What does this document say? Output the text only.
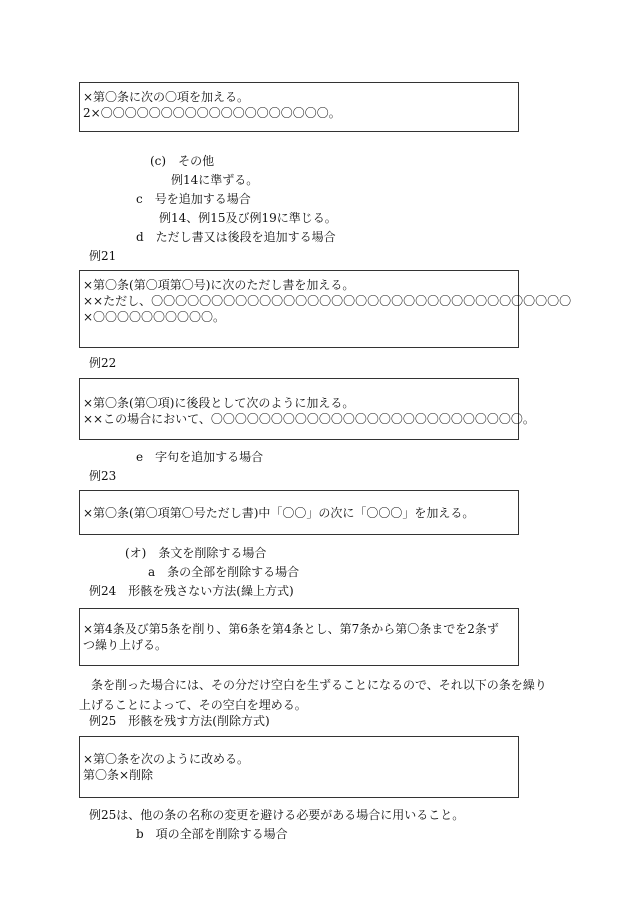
×第〇条に次の〇項を加える。
2×〇〇〇〇〇〇〇〇〇〇〇〇〇〇〇〇〇〇〇。
(c)　その他
例14に準ずる。
c　号を追加する場合
例14、例15及び例19に準じる。
d　ただし書又は後段を追加する場合
例21
×第〇条(第〇項第〇号)に次のただし書を加える。
××ただし、〇〇〇〇〇〇〇〇〇〇〇〇〇〇〇〇〇〇〇〇〇〇〇〇〇〇〇〇〇〇〇〇〇〇〇
×〇〇〇〇〇〇〇〇〇〇。
例22
×第〇条(第〇項)に後段として次のように加える。
××この場合において、〇〇〇〇〇〇〇〇〇〇〇〇〇〇〇〇〇〇〇〇〇〇〇〇〇〇。
e　字句を追加する場合
例23
×第〇条(第〇項第〇号ただし書)中「〇〇」の次に「〇〇〇」を加える。
(オ)　条文を削除する場合
a　条の全部を削除する場合
例24　形骸を残さない方法(繰上方式)
×第4条及び第5条を削り、第6条を第4条とし、第7条から第〇条までを2条ず
つ繰り上げる。
条を削った場合には、その分だけ空白を生ずることになるので、それ以下の条を繰り上げることによって、その空白を埋める。
例25　形骸を残す方法(削除方式)
×第〇条を次のように改める。
第〇条×削除
例25は、他の条の名称の変更を避ける必要がある場合に用いること。
b　項の全部を削除する場合
